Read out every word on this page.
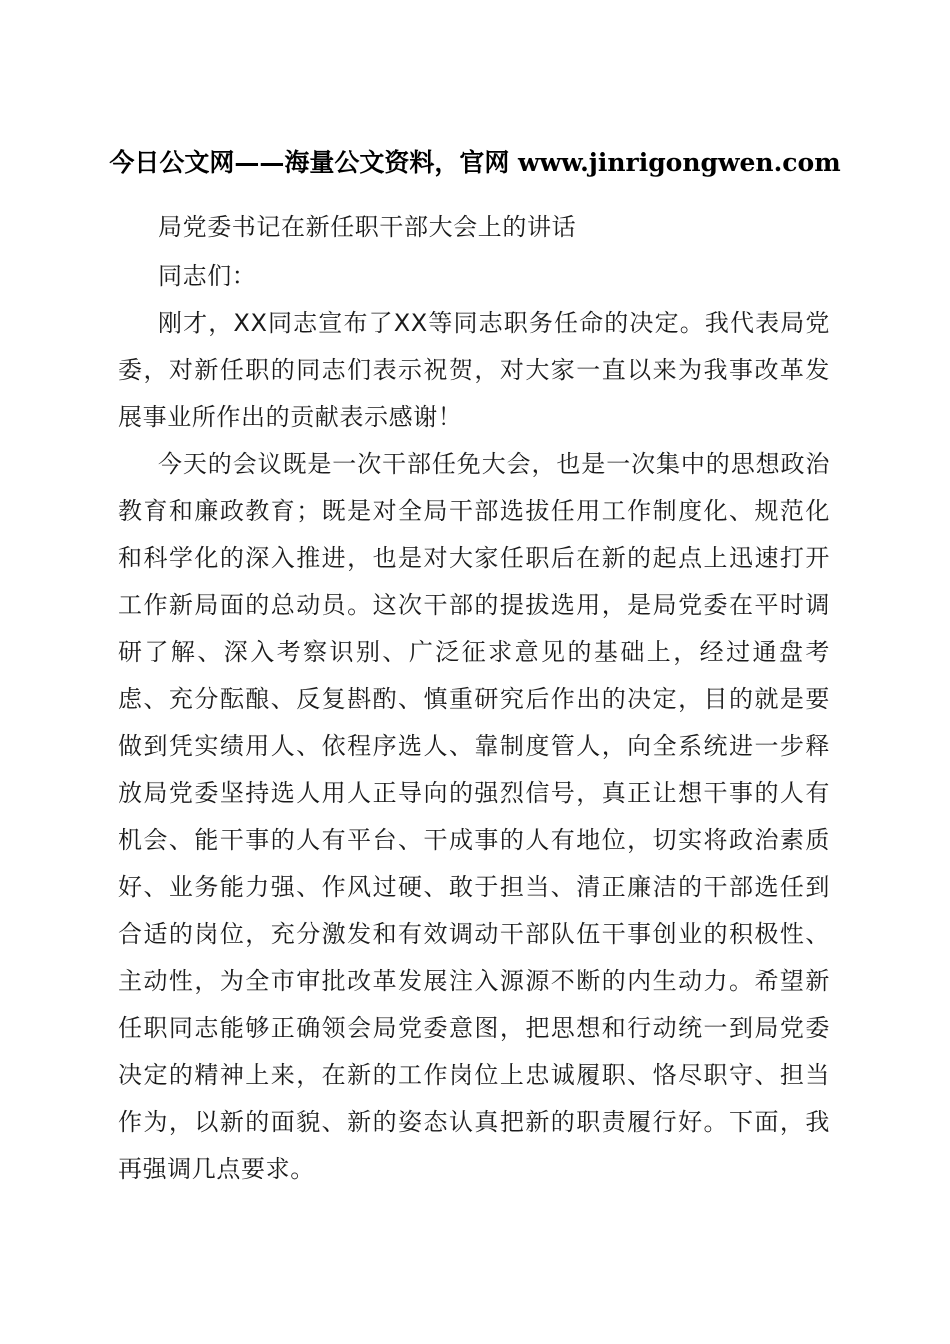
今日公文网——海量公文资料，官网 www.jinrigongwen.com

局党委书记在新任职干部大会上的讲话

同志们：

刚才，XX同志宣布了XX等同志职务任命的决定。我代表局党委，对新任职的同志们表示祝贺，对大家一直以来为我事改革发展事业所作出的贡献表示感谢！

今天的会议既是一次干部任免大会，也是一次集中的思想政治教育和廉政教育；既是对全局干部选拔任用工作制度化、规范化和科学化的深入推进，也是对大家任职后在新的起点上迅速打开工作新局面的总动员。这次干部的提拔选用，是局党委在平时调研了解、深入考察识别、广泛征求意见的基础上，经过通盘考虑、充分酝酿、反复斟酌、慎重研究后作出的决定，目的就是要做到凭实绩用人、依程序选人、靠制度管人，向全系统进一步释放局党委坚持选人用人正导向的强烈信号，真正让想干事的人有机会、能干事的人有平台、干成事的人有地位，切实将政治素质好、业务能力强、作风过硬、敢于担当、清正廉洁的干部选任到合适的岗位，充分激发和有效调动干部队伍干事创业的积极性、主动性，为全市审批改革发展注入源源不断的内生动力。希望新任职同志能够正确领会局党委意图，把思想和行动统一到局党委决定的精神上来，在新的工作岗位上忠诚履职、恪尽职守、担当作为，以新的面貌、新的姿态认真把新的职责履行好。下面，我再强调几点要求。
